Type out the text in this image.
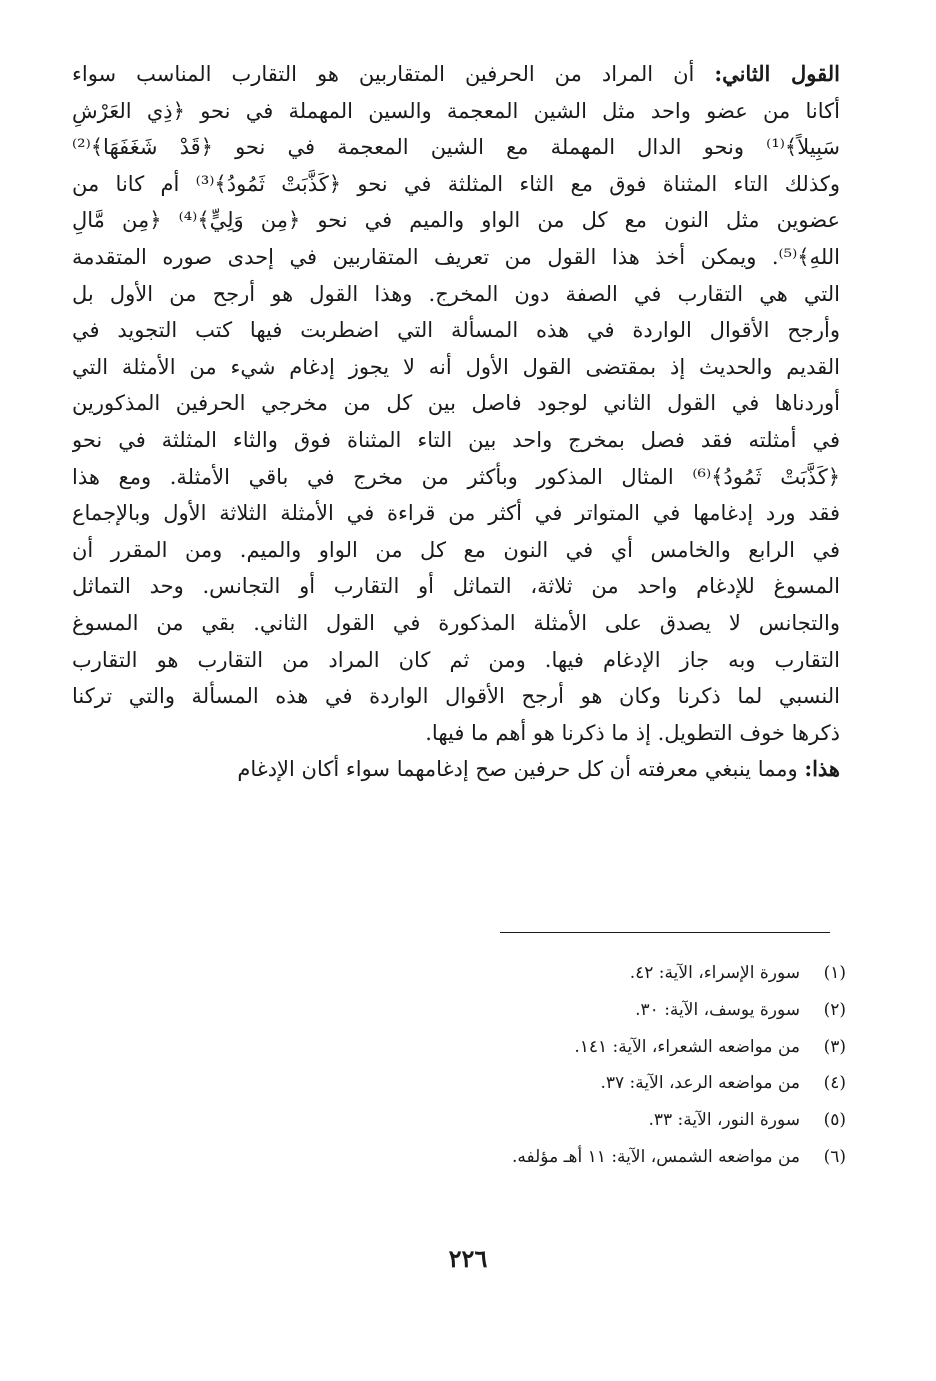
القول الثاني: أن المراد من الحرفين المتقاربين هو التقارب المناسب سواء
أكانا من عضو واحد مثل الشين المعجمة والسين المهملة في نحو ﴿ذِي العَرْشِ
سَبِيلاً﴾⁽¹⁾ ونحو الدال المهملة مع الشين المعجمة في نحو ﴿قَدْ شَغَفَهَا﴾⁽²⁾
وكذلك التاء المثناة فوق مع الثاء المثلثة في نحو ﴿كَذَّبَتْ ثَمُودُ﴾⁽³⁾ أم كانا من
عضوين مثل النون مع كل من الواو والميم في نحو ﴿مِن وَلِيٍّ﴾⁽⁴⁾ ﴿مِن مَّالِ
اللهِ﴾⁽⁵⁾. ويمكن أخذ هذا القول من تعريف المتقاربين في إحدى صوره المتقدمة
التي هي التقارب في الصفة دون المخرج. وهذا القول هو أرجح من الأول بل
وأرجح الأقوال الواردة في هذه المسألة التي اضطربت فيها كتب التجويد في
القديم والحديث إذ بمقتضى القول الأول أنه لا يجوز إدغام شيء من الأمثلة التي
أوردناها في القول الثاني لوجود فاصل بين كل من مخرجي الحرفين المذكورين
في أمثلته فقد فصل بمخرج واحد بين التاء المثناة فوق والثاء المثلثة في نحو
﴿كَذَّبَتْ ثَمُودُ﴾⁽⁶⁾ المثال المذكور وبأكثر من مخرج في باقي الأمثلة. ومع هذا
فقد ورد إدغامها في المتواتر في أكثر من قراءة في الأمثلة الثلاثة الأول وبالإجماع
في الرابع والخامس أي في النون مع كل من الواو والميم. ومن المقرر أن
المسوغ للإدغام واحد من ثلاثة، التماثل أو التقارب أو التجانس. وحد التماثل
والتجانس لا يصدق على الأمثلة المذكورة في القول الثاني. بقي من المسوغ
التقارب وبه جاز الإدغام فيها. ومن ثم كان المراد من التقارب هو التقارب
النسبي لما ذكرنا وكان هو أرجح الأقوال الواردة في هذه المسألة والتي تركنا
ذكرها خوف التطويل. إذ ما ذكرنا هو أهم ما فيها.
هذا: ومما ينبغي معرفته أن كل حرفين صح إدغامهما سواء أكان الإدغام
(١)
سورة الإسراء، الآية: ٤٢.
(٢)
سورة يوسف، الآية: ٣٠.
(٣)
من مواضعه الشعراء، الآية: ١٤١.
(٤)
من مواضعه الرعد، الآية: ٣٧.
(٥)
سورة النور، الآية: ٣٣.
(٦)
من مواضعه الشمس، الآية: ١١ أهـ مؤلفه.
٢٢٦
